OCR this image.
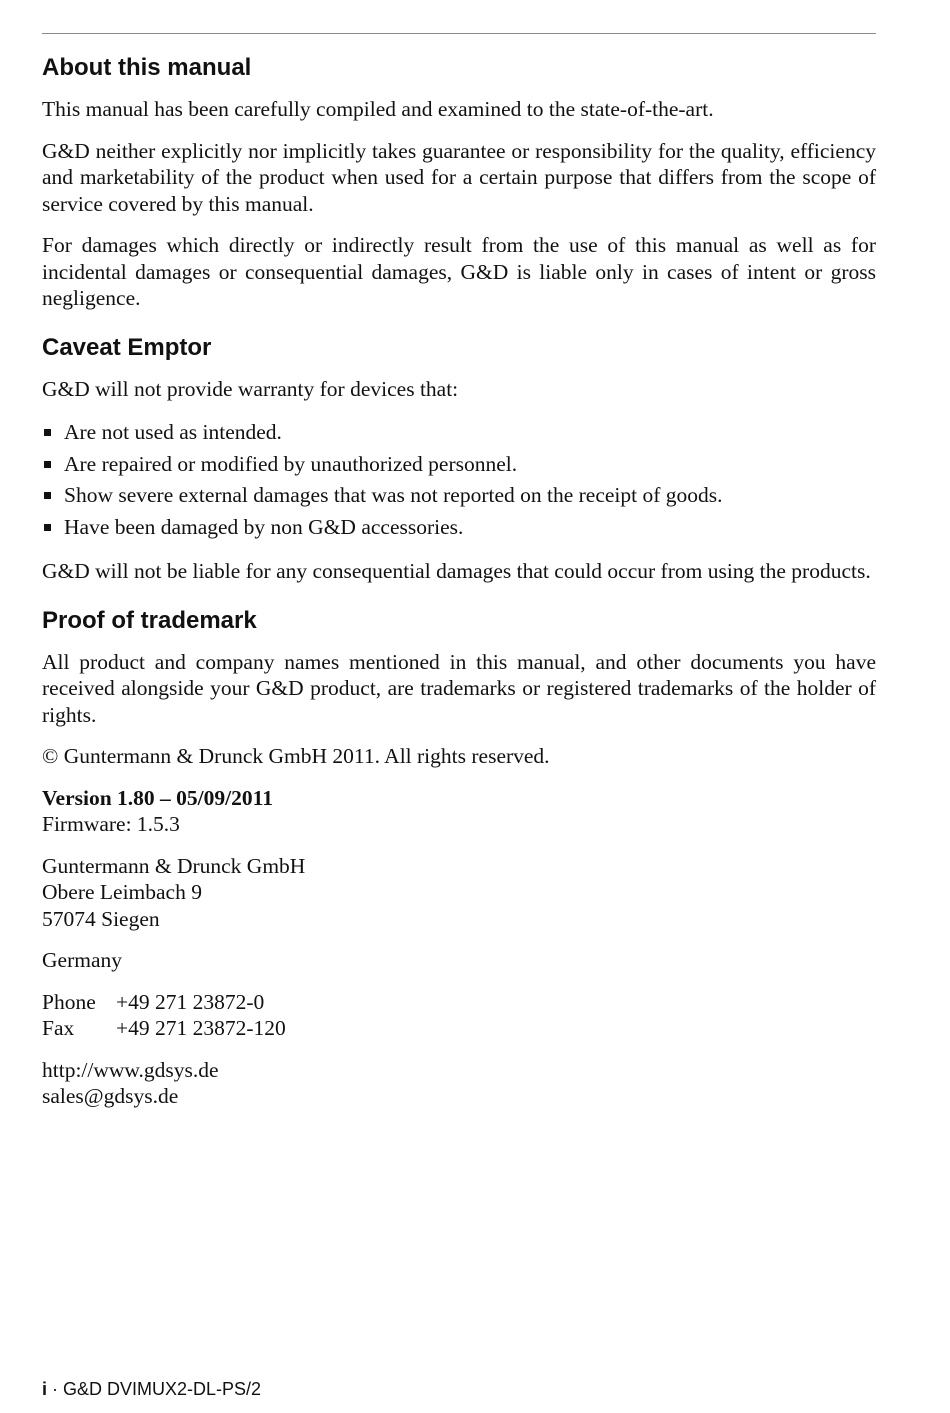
About this manual

This manual has been carefully compiled and examined to the state-of-the-art.

G&D neither explicitly nor implicitly takes guarantee or responsibility for the quality, efficiency and marketability of the product when used for a certain purpose that differs from the scope of service covered by this manual.

For damages which directly or indirectly result from the use of this manual as well as for incidental damages or consequential damages, G&D is liable only in cases of intent or gross negligence.

Caveat Emptor

G&D will not provide warranty for devices that:

Are not used as intended.
Are repaired or modified by unauthorized personnel.
Show severe external damages that was not reported on the receipt of goods.
Have been damaged by non G&D accessories.

G&D will not be liable for any consequential damages that could occur from using the products.

Proof of trademark

All product and company names mentioned in this manual, and other documents you have received alongside your G&D product, are trademarks or registered trademarks of the holder of rights.

© Guntermann & Drunck GmbH 2011. All rights reserved.

Version 1.80 – 05/09/2011
Firmware: 1.5.3
Guntermann & Drunck GmbH
Obere Leimbach 9
57074 Siegen
Germany
Phone +49 271 23872-0
Fax +49 271 23872-120
http://www.gdsys.de
sales@gdsys.de
i · G&D DVIMUX2-DL-PS/2
